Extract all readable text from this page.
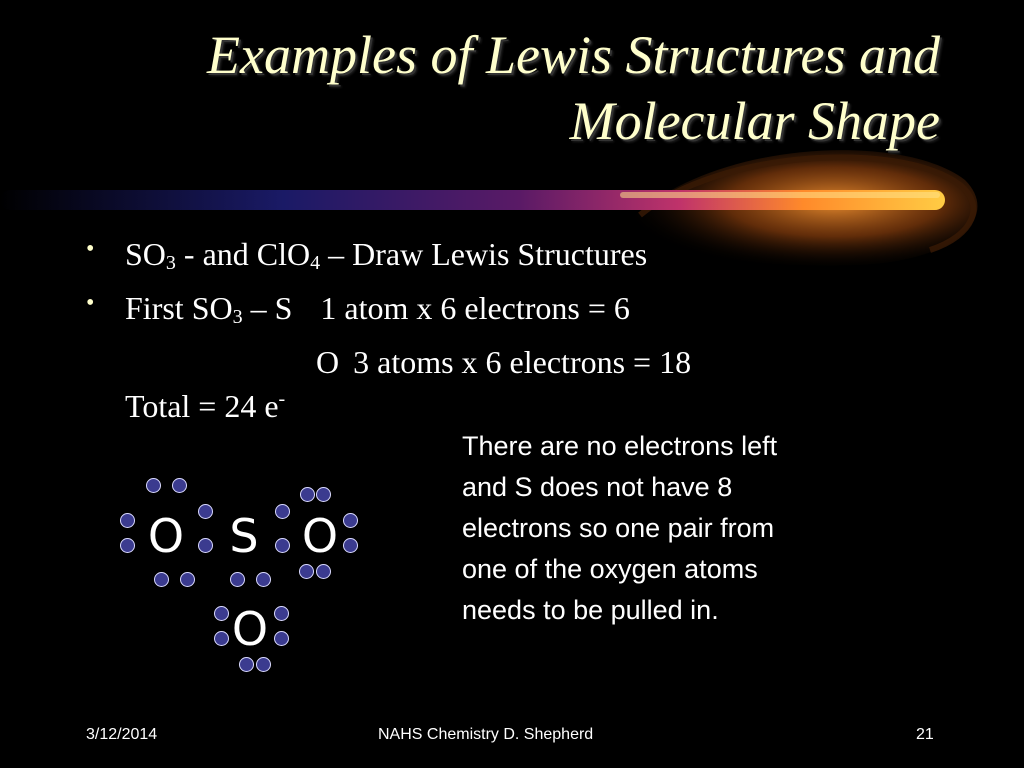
Examples of Lewis Structures and
Molecular Shape
• $SO_3$ - and ClO$_4$ – Draw Lewis Structures
• First $SO_3$ – S 1 atom x 6 electrons = 6
O 3 atoms x 6 electrons = 18
Total = 24 e-
There are no electrons left
and S does not have 8
electrons so one pair from
one of the oxygen atoms
needs to be pulled in.
O S O
O
3/12/2014	NAHS Chemistry D. Shepherd	21
